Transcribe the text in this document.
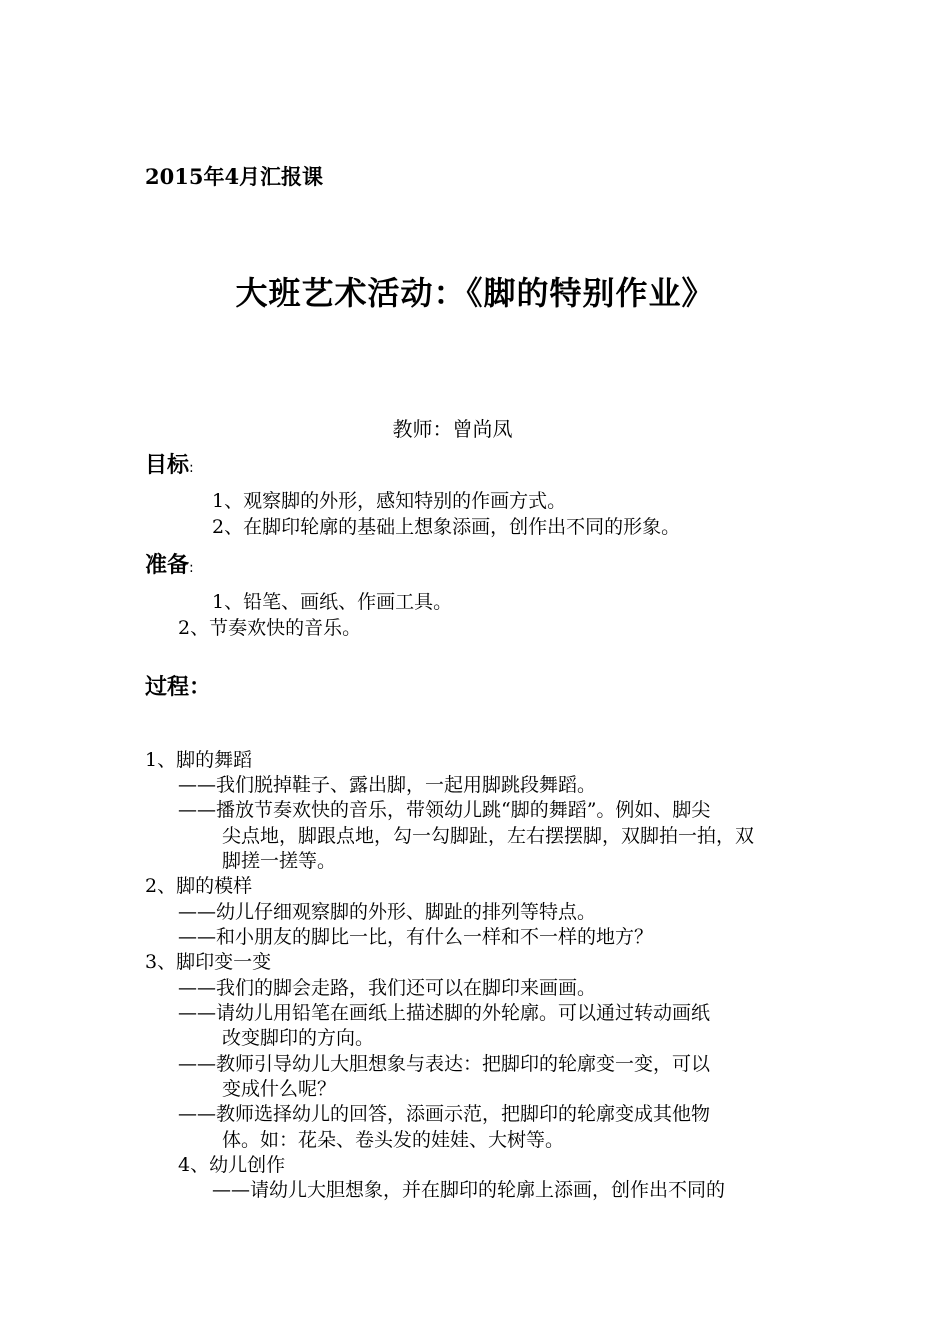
2015年4月汇报课
大班艺术活动：《脚的特别作业》
教师：曾尚凤
目标:
1、观察脚的外形，感知特别的作画方式。
2、在脚印轮廓的基础上想象添画，创作出不同的形象。
准备:
1、铅笔、画纸、作画工具。
2、节奏欢快的音乐。
过程：
1、脚的舞蹈
——我们脱掉鞋子、露出脚，一起用脚跳段舞蹈。
——播放节奏欢快的音乐，带领幼儿跳“脚的舞蹈”。例如、脚尖
尖点地，脚跟点地，勾一勾脚趾，左右摆摆脚，双脚拍一拍，双
脚搓一搓等。
2、脚的模样
——幼儿仔细观察脚的外形、脚趾的排列等特点。
——和小朋友的脚比一比，有什么一样和不一样的地方？
3、脚印变一变
——我们的脚会走路，我们还可以在脚印来画画。
——请幼儿用铅笔在画纸上描述脚的外轮廓。可以通过转动画纸
改变脚印的方向。
——教师引导幼儿大胆想象与表达：把脚印的轮廓变一变，可以
变成什么呢？
——教师选择幼儿的回答，添画示范，把脚印的轮廓变成其他物
体。如：花朵、卷头发的娃娃、大树等。
4、幼儿创作
——请幼儿大胆想象，并在脚印的轮廓上添画，创作出不同的
